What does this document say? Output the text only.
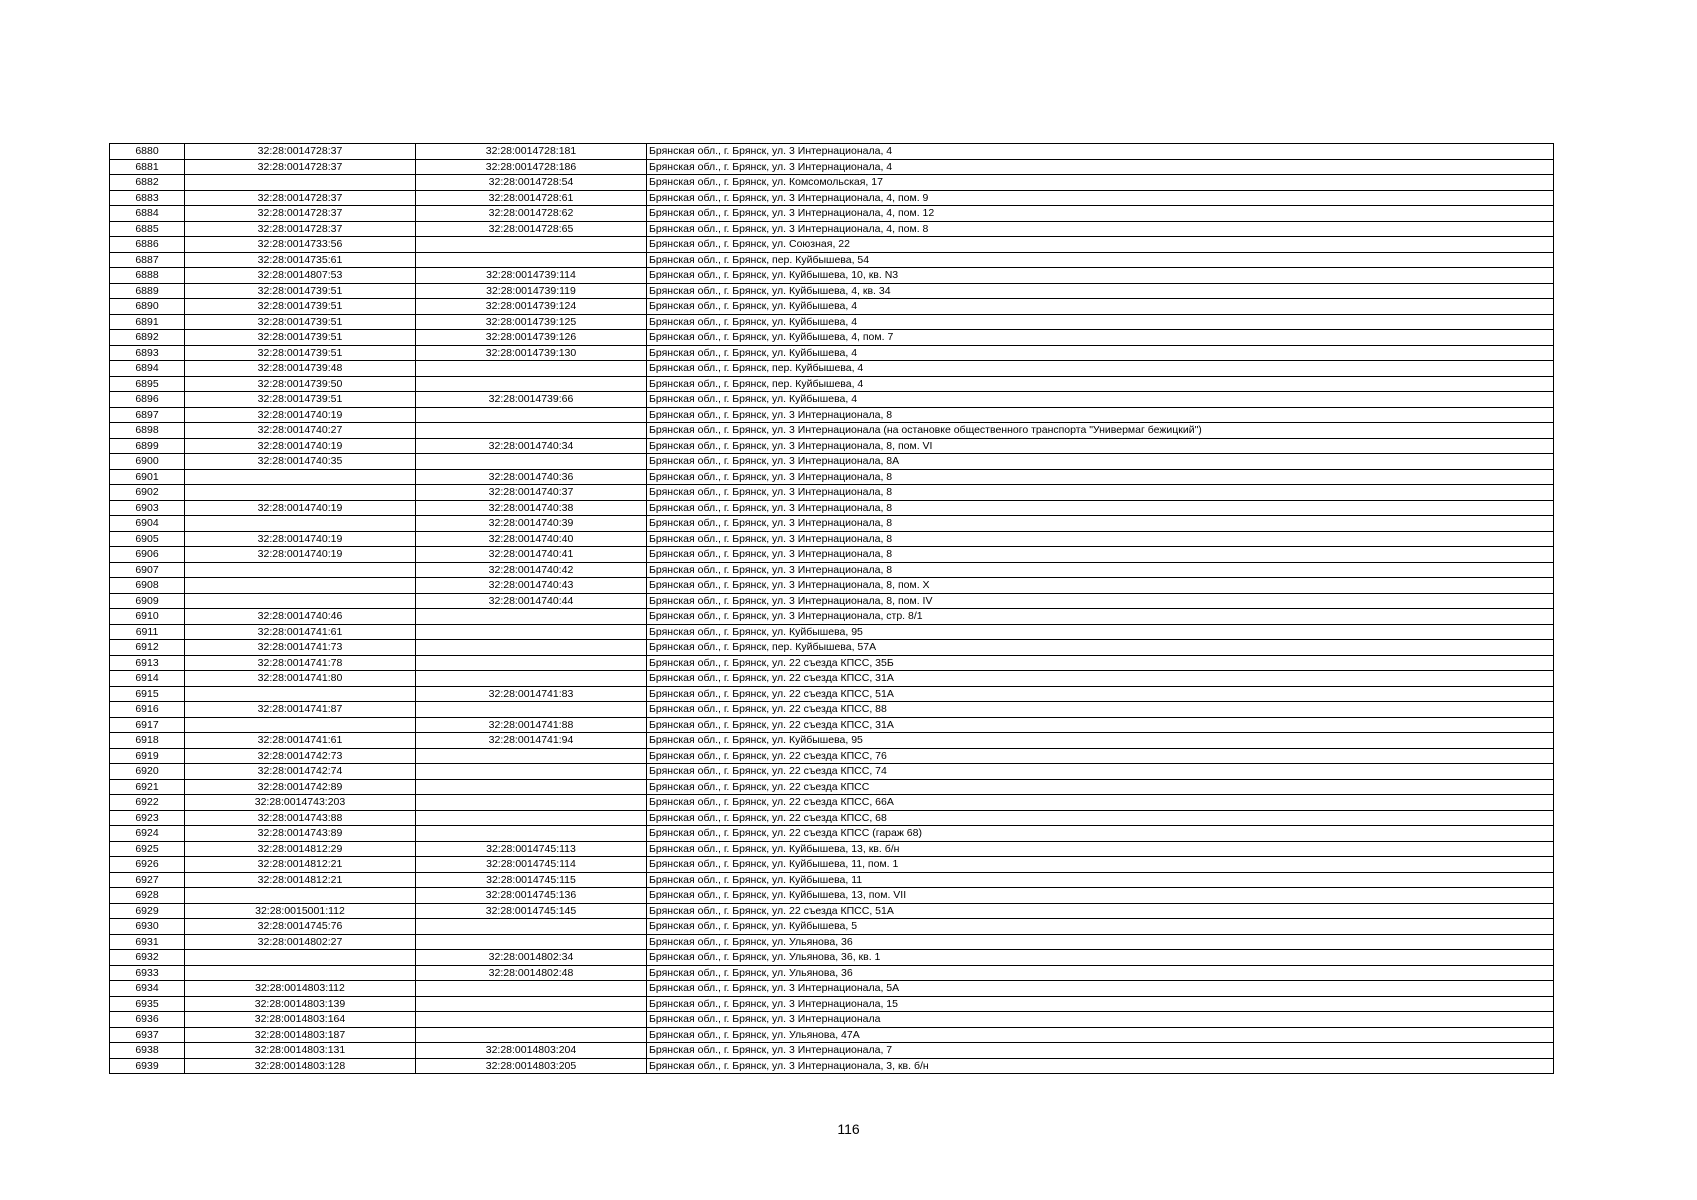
6880	32:28:0014728:37	32:28:0014728:181	Брянская обл., г. Брянск, ул. 3 Интернационала, 4
6881	32:28:0014728:37	32:28:0014728:186	Брянская обл., г. Брянск, ул. 3 Интернационала, 4
6882		32:28:0014728:54	Брянская обл., г. Брянск, ул. Комсомольская, 17
6883	32:28:0014728:37	32:28:0014728:61	Брянская обл., г. Брянск, ул. 3 Интернационала, 4, пом. 9
6884	32:28:0014728:37	32:28:0014728:62	Брянская обл., г. Брянск, ул. 3 Интернационала, 4, пом. 12
6885	32:28:0014728:37	32:28:0014728:65	Брянская обл., г. Брянск, ул. 3 Интернационала, 4, пом. 8
6886	32:28:0014733:56		Брянская обл., г. Брянск, ул. Союзная, 22
6887	32:28:0014735:61		Брянская обл., г. Брянск, пер. Куйбышева, 54
6888	32:28:0014807:53	32:28:0014739:114	Брянская обл., г. Брянск, ул. Куйбышева, 10, кв. N3
6889	32:28:0014739:51	32:28:0014739:119	Брянская обл., г. Брянск, ул. Куйбышева, 4, кв. 34
6890	32:28:0014739:51	32:28:0014739:124	Брянская обл., г. Брянск, ул. Куйбышева, 4
6891	32:28:0014739:51	32:28:0014739:125	Брянская обл., г. Брянск, ул. Куйбышева, 4
6892	32:28:0014739:51	32:28:0014739:126	Брянская обл., г. Брянск, ул. Куйбышева, 4, пом. 7
6893	32:28:0014739:51	32:28:0014739:130	Брянская обл., г. Брянск, ул. Куйбышева, 4
6894	32:28:0014739:48		Брянская обл., г. Брянск, пер. Куйбышева, 4
6895	32:28:0014739:50		Брянская обл., г. Брянск, пер. Куйбышева, 4
6896	32:28:0014739:51	32:28:0014739:66	Брянская обл., г. Брянск, ул. Куйбышева, 4
6897	32:28:0014740:19		Брянская обл., г. Брянск, ул. 3 Интернационала, 8
6898	32:28:0014740:27		Брянская обл., г. Брянск, ул. 3 Интернационала (на остановке общественного транспорта "Универмаг бежицкий")
6899	32:28:0014740:19	32:28:0014740:34	Брянская обл., г. Брянск, ул. 3 Интернационала, 8, пом. VI
6900	32:28:0014740:35		Брянская обл., г. Брянск, ул. 3 Интернационала, 8А
6901		32:28:0014740:36	Брянская обл., г. Брянск, ул. 3 Интернационала, 8
6902		32:28:0014740:37	Брянская обл., г. Брянск, ул. 3 Интернационала, 8
6903	32:28:0014740:19	32:28:0014740:38	Брянская обл., г. Брянск, ул. 3 Интернационала, 8
6904		32:28:0014740:39	Брянская обл., г. Брянск, ул. 3 Интернационала, 8
6905	32:28:0014740:19	32:28:0014740:40	Брянская обл., г. Брянск, ул. 3 Интернационала, 8
6906	32:28:0014740:19	32:28:0014740:41	Брянская обл., г. Брянск, ул. 3 Интернационала, 8
6907		32:28:0014740:42	Брянская обл., г. Брянск, ул. 3 Интернационала, 8
6908		32:28:0014740:43	Брянская обл., г. Брянск, ул. 3 Интернационала, 8, пом. X
6909		32:28:0014740:44	Брянская обл., г. Брянск, ул. 3 Интернационала, 8, пом. IV
6910	32:28:0014740:46		Брянская обл., г. Брянск, ул. 3 Интернационала, стр. 8/1
6911	32:28:0014741:61		Брянская обл., г. Брянск, ул. Куйбышева, 95
6912	32:28:0014741:73		Брянская обл., г. Брянск, пер. Куйбышева, 57А
6913	32:28:0014741:78		Брянская обл., г. Брянск, ул. 22 съезда КПСС, 35Б
6914	32:28:0014741:80		Брянская обл., г. Брянск, ул. 22 съезда КПСС, 31А
6915		32:28:0014741:83	Брянская обл., г. Брянск, ул. 22 съезда КПСС, 51А
6916	32:28:0014741:87		Брянская обл., г. Брянск, ул. 22 съезда КПСС, 88
6917		32:28:0014741:88	Брянская обл., г. Брянск, ул. 22 съезда КПСС, 31А
6918	32:28:0014741:61	32:28:0014741:94	Брянская обл., г. Брянск, ул. Куйбышева, 95
6919	32:28:0014742:73		Брянская обл., г. Брянск, ул. 22 съезда КПСС, 76
6920	32:28:0014742:74		Брянская обл., г. Брянск, ул. 22 съезда КПСС, 74
6921	32:28:0014742:89		Брянская обл., г. Брянск, ул. 22 съезда КПСС
6922	32:28:0014743:203		Брянская обл., г. Брянск, ул. 22 съезда КПСС, 66А
6923	32:28:0014743:88		Брянская обл., г. Брянск, ул. 22 съезда КПСС, 68
6924	32:28:0014743:89		Брянская обл., г. Брянск, ул. 22 съезда КПСС (гараж 68)
6925	32:28:0014812:29	32:28:0014745:113	Брянская обл., г. Брянск, ул. Куйбышева, 13, кв. б/н
6926	32:28:0014812:21	32:28:0014745:114	Брянская обл., г. Брянск, ул. Куйбышева, 11, пом. 1
6927	32:28:0014812:21	32:28:0014745:115	Брянская обл., г. Брянск, ул. Куйбышева, 11
6928		32:28:0014745:136	Брянская обл., г. Брянск, ул. Куйбышева, 13, пом. VII
6929	32:28:0015001:112	32:28:0014745:145	Брянская обл., г. Брянск, ул. 22 съезда КПСС, 51А
6930	32:28:0014745:76		Брянская обл., г. Брянск, ул. Куйбышева, 5
6931	32:28:0014802:27		Брянская обл., г. Брянск, ул. Ульянова, 36
6932		32:28:0014802:34	Брянская обл., г. Брянск, ул. Ульянова, 36, кв. 1
6933		32:28:0014802:48	Брянская обл., г. Брянск, ул. Ульянова, 36
6934	32:28:0014803:112		Брянская обл., г. Брянск, ул. 3 Интернационала, 5А
6935	32:28:0014803:139		Брянская обл., г. Брянск, ул. 3 Интернационала, 15
6936	32:28:0014803:164		Брянская обл., г. Брянск, ул. 3 Интернационала
6937	32:28:0014803:187		Брянская обл., г. Брянск, ул. Ульянова, 47А
6938	32:28:0014803:131	32:28:0014803:204	Брянская обл., г. Брянск, ул. 3 Интернационала, 7
6939	32:28:0014803:128	32:28:0014803:205	Брянская обл., г. Брянск, ул. 3 Интернационала, 3, кв. б/н
116
